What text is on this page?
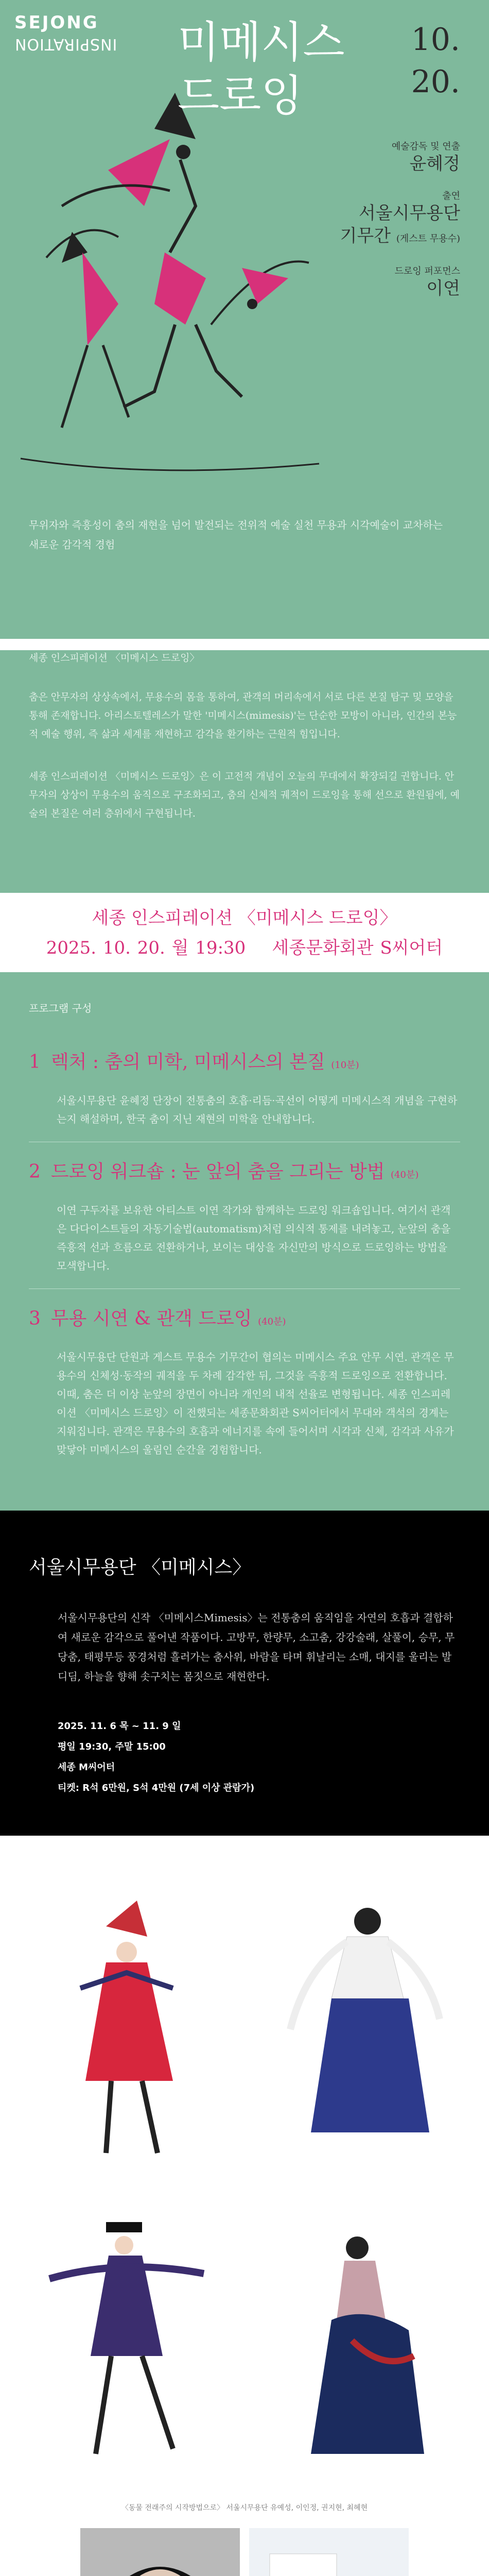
SEJONG
INSPIRATION 미메시스
드로잉
10.
20.
예술감독 및 연출
윤혜정
출연
서울시무용단
기무간 (게스트 무용수)
드로잉 퍼포먼스
이연
무위자와 즉흥성이 춤의 재현을 넘어 발전되는 전위적 예술 실천 무용과 시각예술이 교차하는 새로운 감각적 경험
세종 인스피레이션 〈미메시스 드로잉〉

춤은 안무자의 상상속에서, 무용수의 몸을 통하여, 관객의 머리속에서 서로 다른 본질 탐구 및 모양을 통해 존재합니다. 아리스토텔레스가 말한 '미메시스(mimesis)'는 단순한 모방이 아니라, 인간의 본능적 예술 행위, 즉 삶과 세계를 재현하고 감각을 환기하는 근원적 힘입니다.

세종 인스피레이션 〈미메시스 드로잉〉은 이 고전적 개념이 오늘의 무대에서 확장되길 권합니다. 안무자의 상상이 무용수의 움직으로 구조화되고, 춤의 신체적 궤적이 드로잉을 통해 선으로 환원됨에, 예술의 본질은 여러 층위에서 구현됩니다.

세종 인스피레이션 〈미메시스 드로잉〉
2025. 10. 20. 월 19:30 세종문화회관 S씨어터
프로그램 구성
1 렉처 : 춤의 미학, 미메시스의 본질 (10분)
서울시무용단 윤혜정 단장이 전통춤의 호흡·리듬·곡선이 어떻게 미메시스적 개념을 구현하는지 해설하며, 한국 춤이 지닌 재현의 미학을 안내합니다.
2 드로잉 워크숍 : 눈 앞의 춤을 그리는 방법 (40분)
이연 구두자를 보유한 아티스트 이연 작가와 함께하는 드로잉 워크숍입니다. 여기서 관객은 다다이스트들의 자동기술법(automatism)처럼 의식적 통제를 내려놓고, 눈앞의 춤을 즉흥적 선과 흐름으로 전환하거나, 보이는 대상을 자신만의 방식으로 드로잉하는 방법을 모색합니다.
3 무용 시연 & 관객 드로잉 (40분)
서울시무용단 단원과 게스트 무용수 기무간이 협의는 미메시스 주요 안무 시연. 관객은 무용수의 신체성·동작의 궤적을 두 차례 감각한 뒤, 그것을 즉흥적 드로잉으로 전환합니다. 이때, 춤은 더 이상 눈앞의 장면이 아니라 개인의 내적 선율로 변형됩니다. 세종 인스피레이션 〈미메시스 드로잉〉이 전했되는 세종문화회관 S씨어터에서 무대와 객석의 경계는 지워집니다. 관객은 무용수의 호흡과 에너지를 속에 들어서며 시각과 신체, 감각과 사유가 맞닿아 미메시스의 울림인 순간을 경험합니다.
서울시무용단 〈미메시스〉
서울시무용단의 신작 〈미메시스Mimesis〉는 전통춤의 움직임을 자연의 호흡과 결합하여 새로운 감각으로 풀어낸 작품이다. 고방무, 한량무, 소고춤, 강강술래, 살풀이, 승무, 무당춤, 태평무등 풍경처럼 흘러가는 춤사위, 바람을 타며 휘날리는 소매, 대지를 울리는 발 디딤, 하늘을 향해 솟구치는 몸짓으로 재현한다.
2025. 11. 6 목 ~ 11. 9 일
평일 19:30, 주말 15:00
세종 M씨어터
티켓: R석 6만원, S석 4만원 (7세 이상 관람가)
〈동물 전래주의 시작방법으로〉 서울시무용단 유예성, 이인정, 권지현, 최혜현
